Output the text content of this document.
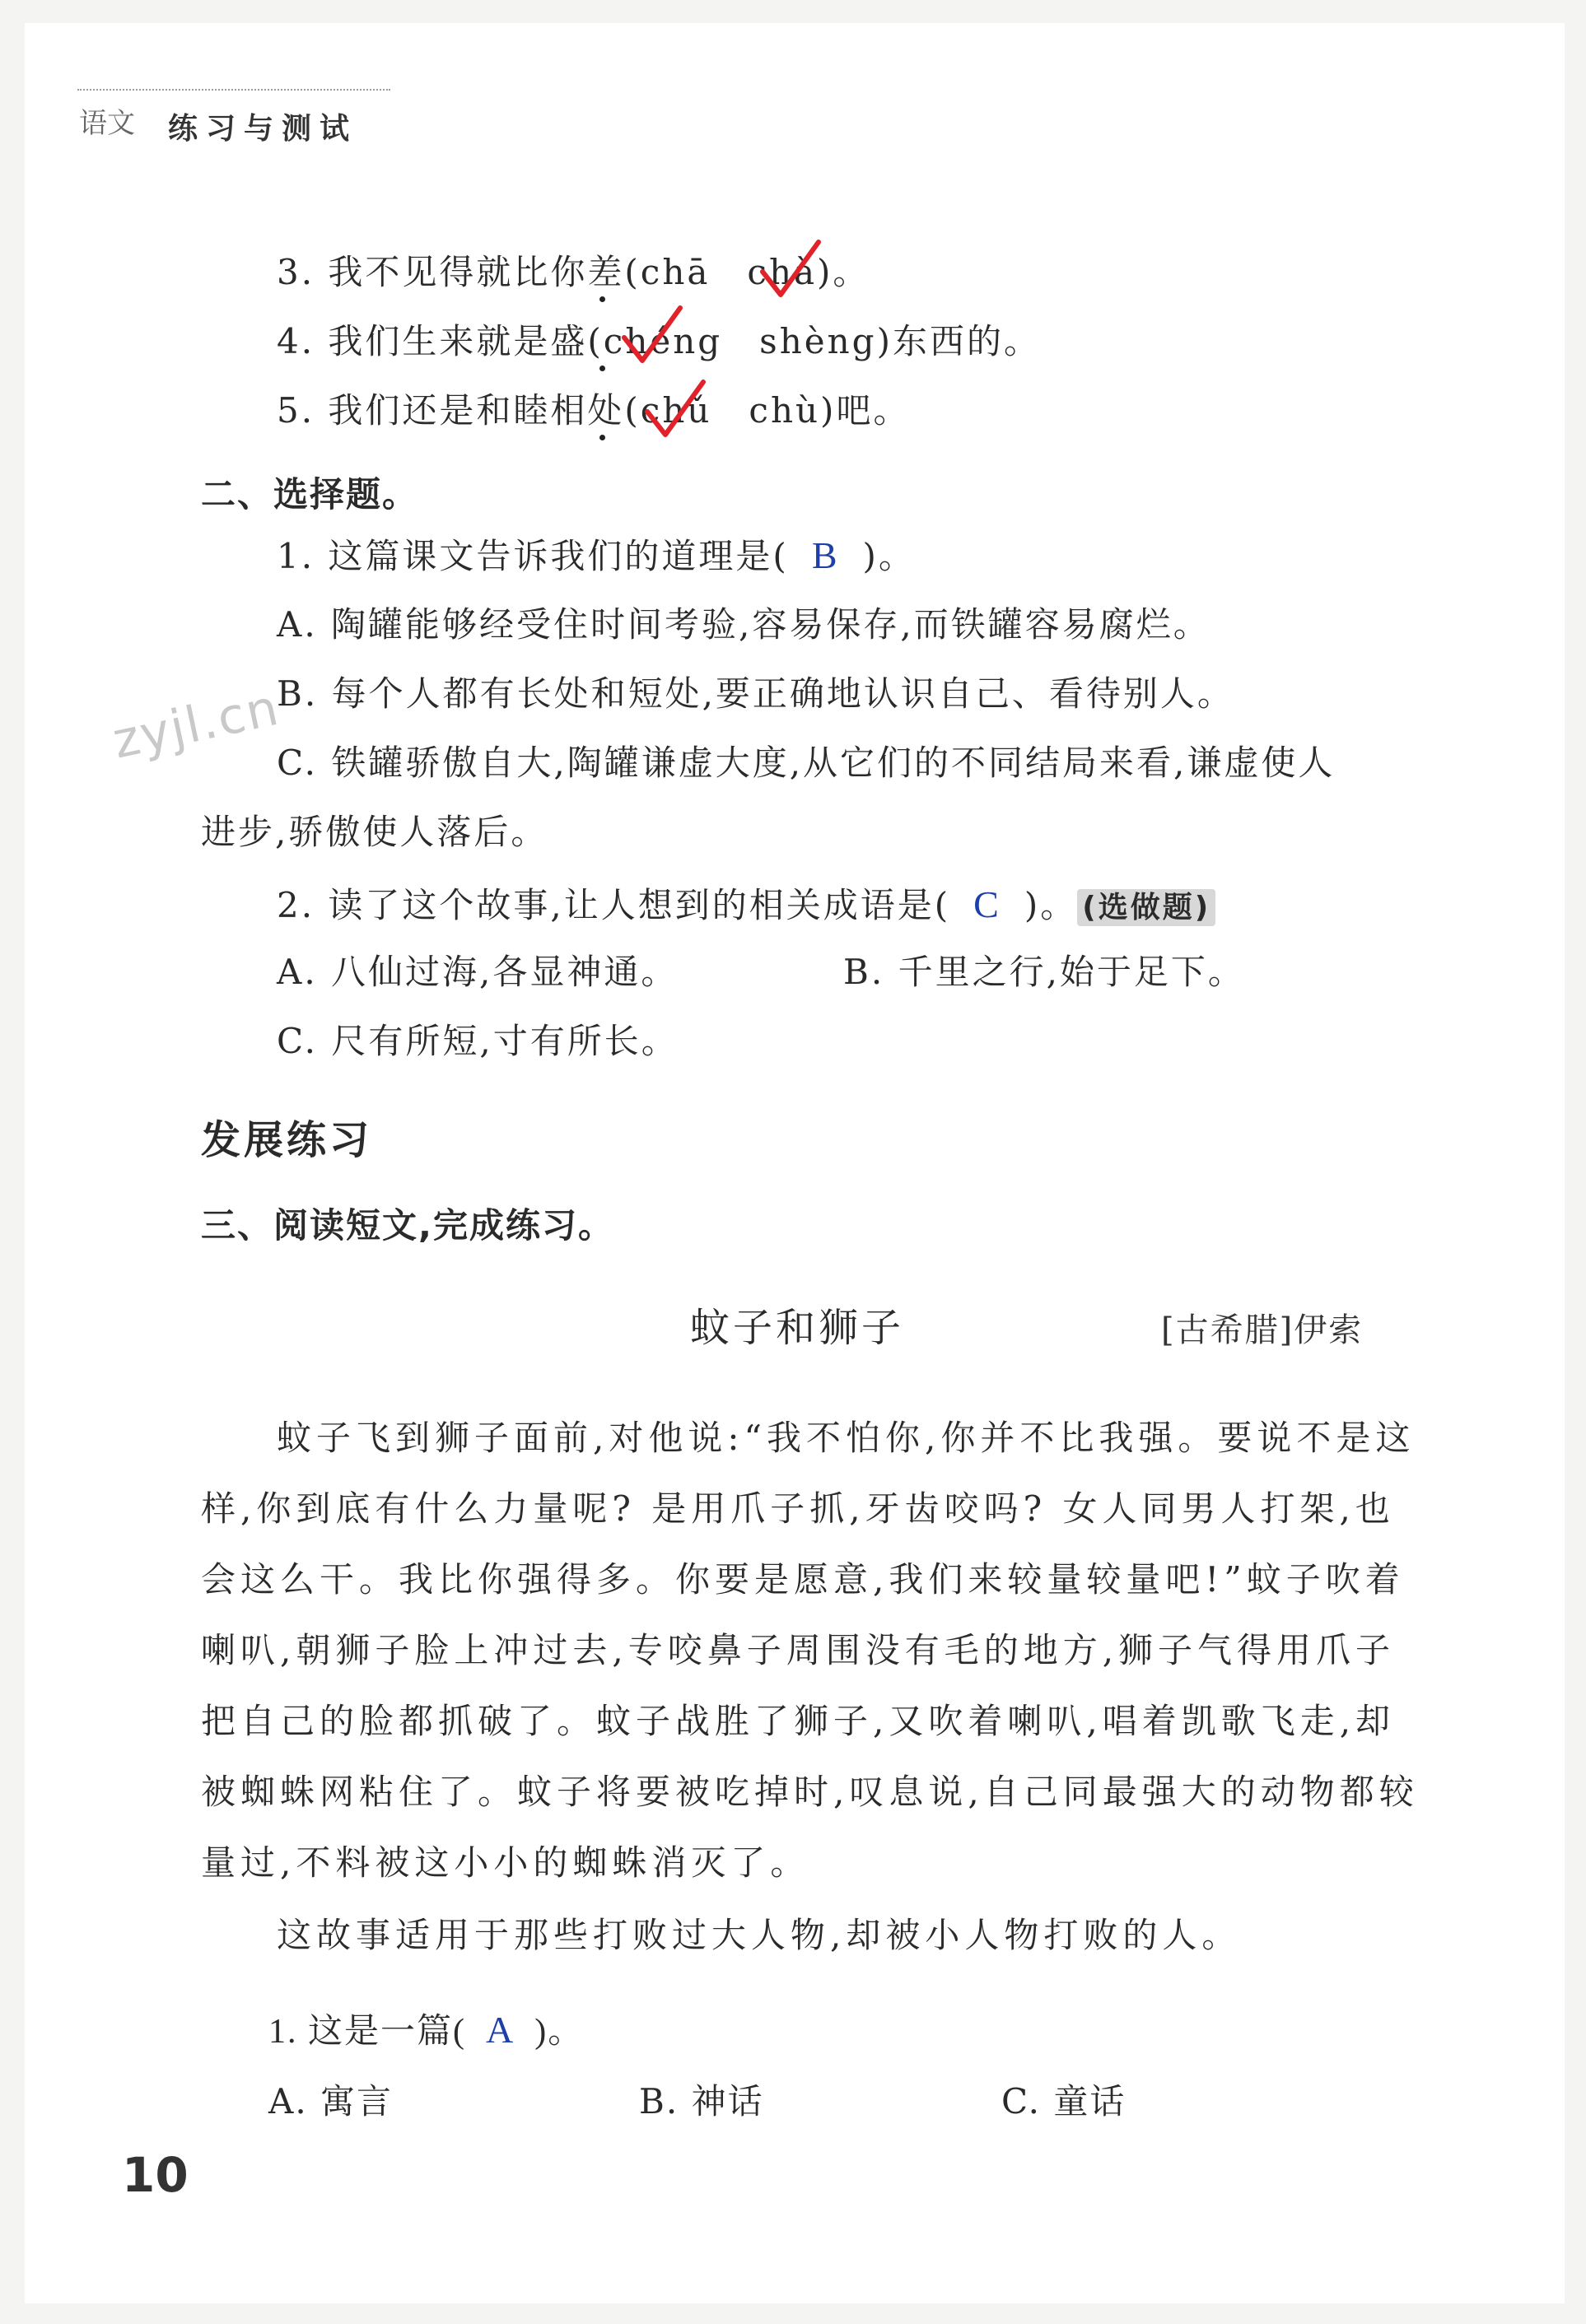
语文 练习与测试
3. 我不见得就比你差(chā　chà)。
4. 我们生来就是盛(chéng　shèng)东西的。
5. 我们还是和睦相处(chǔ　chù)吧。
二、选择题。
1. 这篇课文告诉我们的道理是( B )。
A. 陶罐能够经受住时间考验,容易保存,而铁罐容易腐烂。
B. 每个人都有长处和短处,要正确地认识自己、看待别人。
C. 铁罐骄傲自大,陶罐谦虚大度,从它们的不同结局来看,谦虚使人
进步,骄傲使人落后。
2. 读了这个故事,让人想到的相关成语是( C )。 (选做题)
A. 八仙过海,各显神通。	B. 千里之行,始于足下。
C. 尺有所短,寸有所长。
发展练习
三、阅读短文,完成练习。
蚊子和狮子	[古希腊]伊索
蚊子飞到狮子面前,对他说:“我不怕你,你并不比我强。要说不是这
样,你到底有什么力量呢? 是用爪子抓,牙齿咬吗? 女人同男人打架,也
会这么干。我比你强得多。你要是愿意,我们来较量较量吧!”蚊子吹着
喇叭,朝狮子脸上冲过去,专咬鼻子周围没有毛的地方,狮子气得用爪子
把自己的脸都抓破了。蚊子战胜了狮子,又吹着喇叭,唱着凯歌飞走,却
被蜘蛛网粘住了。蚊子将要被吃掉时,叹息说,自己同最强大的动物都较
量过,不料被这小小的蜘蛛消灭了。
这故事适用于那些打败过大人物,却被小人物打败的人。
1. 这是一篇( A )。
A. 寓言	B. 神话	C. 童话
zyjl.cn
10
